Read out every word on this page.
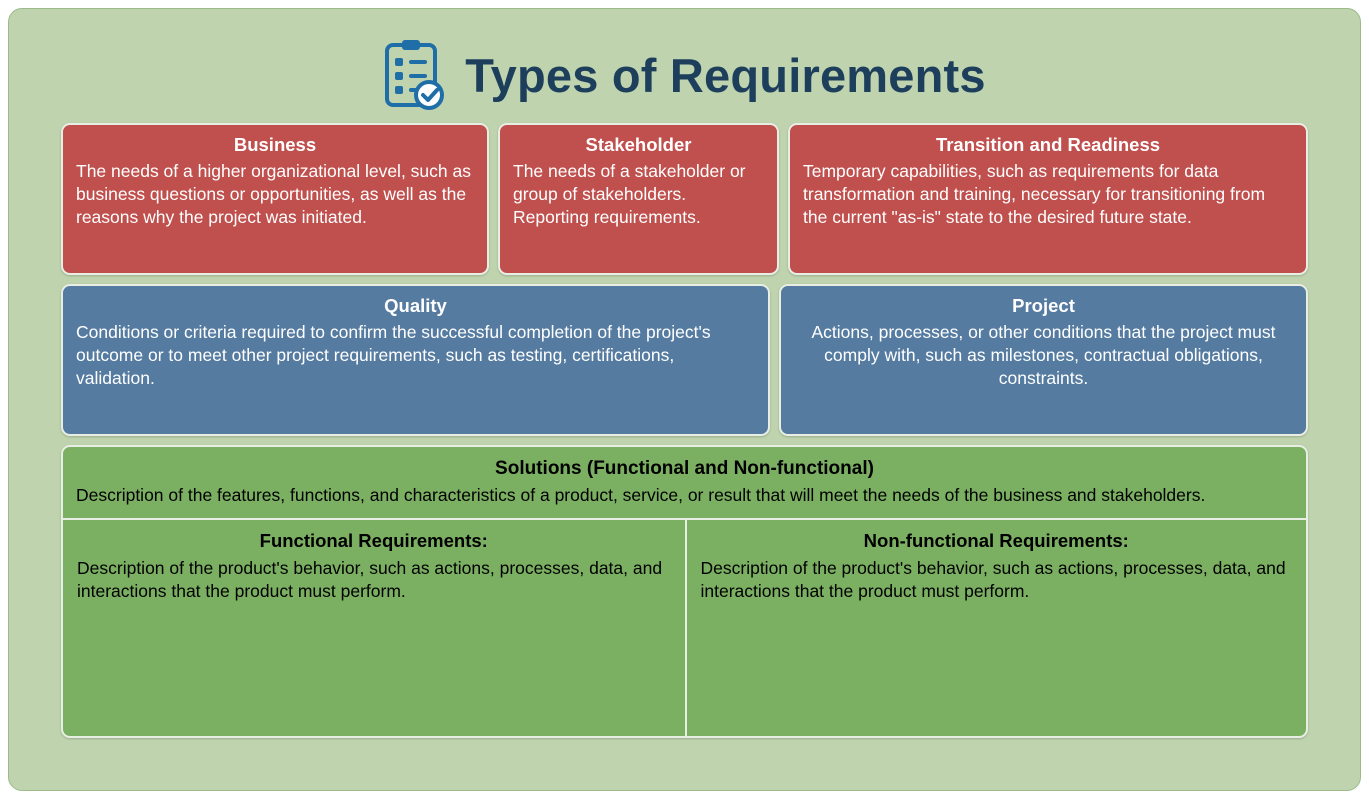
Types of Requirements
Business
The needs of a higher organizational level, such as business questions or opportunities, as well as the reasons why the project was initiated.
Stakeholder
The needs of a stakeholder or group of stakeholders. Reporting requirements.
Transition and Readiness
Temporary capabilities, such as requirements for data transformation and training, necessary for transitioning from the current "as-is" state to the desired future state.
Quality
Conditions or criteria required to confirm the successful completion of the project's outcome or to meet other project requirements, such as testing, certifications, validation.
Project
Actions, processes, or other conditions that the project must comply with, such as milestones, contractual obligations, constraints.
Solutions (Functional and Non-functional)
Description of the features, functions, and characteristics of a product, service, or result that will meet the needs of the business and stakeholders.
Functional Requirements:
Description of the product's behavior, such as actions, processes, data, and interactions that the product must perform.
Non-functional Requirements:
Description of the product's behavior, such as actions, processes, data, and interactions that the product must perform.
